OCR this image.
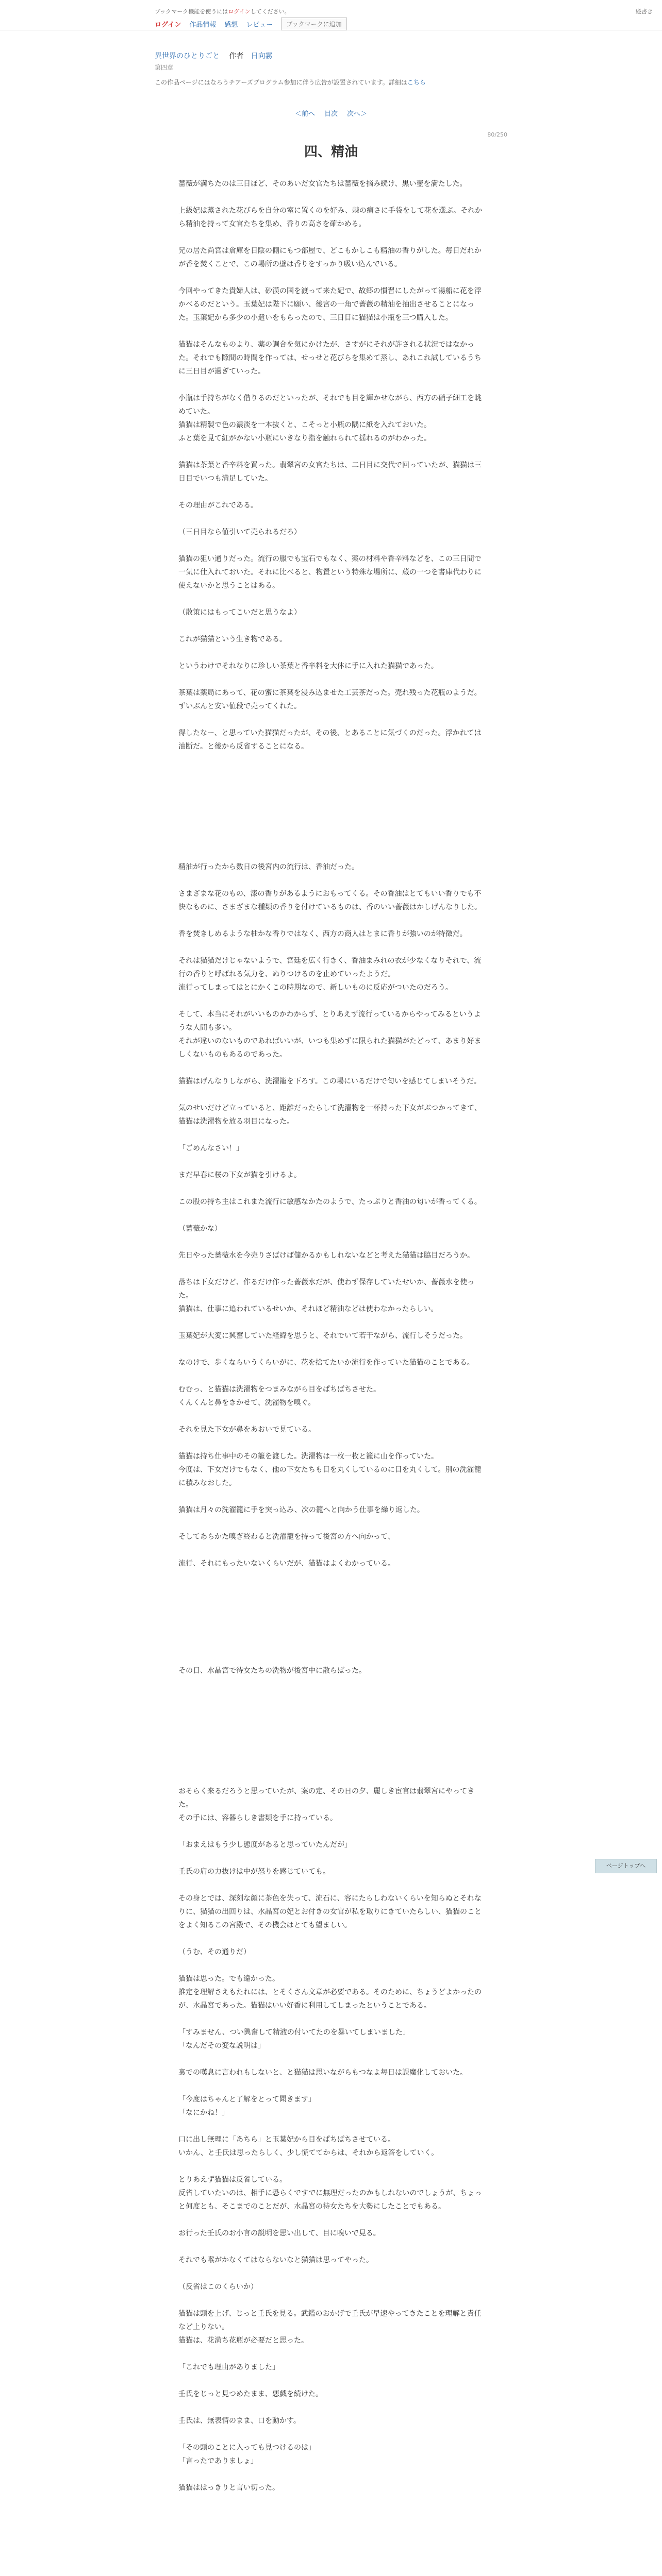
ブックマーク機能を使うにはログインしてください。
ログイン 作品情報 感想 レビュー	ブックマークに追加
縦書き
異世界のひとりごと 作者 日向霧
第四章
この作品ページにはなろうチアーズプログラム参加に伴う広告が設置されています。詳細はこちら
＜前へ 目次 次へ＞
80/250
四、精油

薔薇が満ちたのは三日ほど、そのあいだ女官たちは薔薇を摘み続け、黒い壺を満たした。

上級妃は蒸された花びらを自分の室に置くのを好み、棘の痛さに手袋をして花を選ぶ。それから精油を持って女官たちを集め、香りの高さを確かめる。

兄の居た尚宮は倉庫を日陰の側にもつ部屋で、どこもかしこも精油の香りがした。毎日だれかが香を焚くことで、この場所の壁は香りをすっかり吸い込んでいる。

今回やってきた貴婦人は、砂漠の国を渡って来た妃で、故郷の慣習にしたがって湯船に花を浮かべるのだという。玉葉妃は陛下に願い、後宮の一角で薔薇の精油を抽出させることになった。玉葉妃から多少の小遣いをもらったので、三日目に猫猫は小瓶を三つ購入した。

猫猫はそんなものより、薬の調合を気にかけたが、さすがにそれが許される状況ではなかった。それでも隙間の時間を作っては、せっせと花びらを集めて蒸し、あれこれ試しているうちに三日目が過ぎていった。

小瓶は手持ちがなく借りるのだといったが、それでも目を輝かせながら、西方の硝子細工を眺めていた。

猫猫は精製で色の濃淡を一本抜くと、こそっと小瓶の隅に紙を入れておいた。

ふと葉を見て紅がかない小瓶にいきなり指を触れられて揺れるのがわかった。

猫猫は茶葉と香辛料を買った。翡翠宮の女官たちは、二日目に交代で回っていたが、猫猫は三日目でいつも満足していた。

その理由がこれである。

（三日目なら値引いて売られるだろ）

猫猫の狙い通りだった。流行の服でも宝石でもなく、薬の材料や香辛料などを、この三日間で一気に仕入れておいた。それに比べると、物置という特殊な場所に、蔵の一つを書庫代わりに使えないかと思うことはある。

（散策にはもってこいだと思うなよ）

これが猫猫という生き物である。

というわけでそれなりに珍しい茶葉と香辛料を大体に手に入れた猫猫であった。

茶葉は薬局にあって、花の蜜に茶葉を浸み込ませた工芸茶だった。売れ残った花瓶のようだ。ずいぶんと安い値段で売ってくれた。

得したなー、と思っていた猫猫だったが、その後、とあることに気づくのだった。浮かれては油断だ。と後から反省することになる。

精油が行ったから数日の後宮内の流行は、香油だった。

さまざまな花のもの、漆の香りがあるようにおもってくる。その香油はとてもいい香りでも不快なものに、さまざまな種類の香りを付けているものは、香のいい薔薇はかしげんなりした。

香を焚きしめるような柚かな香りではなく、西方の商人はとまに香りが強いのが特徴だ。

それは猫猫だけじゃないようで、宮廷を広く行きく、香油まみれの衣が少なくなりそれで、流行の香りと呼ばれる気力を、ぬりつけるのを止めていったようだ。

流行ってしまってはとにかくこの時期なので、新しいものに反応がついたのだろう。

そして、本当にそれがいいものかわからず、とりあえず流行っているからやってみるというような人間も多い。

それが違いのないものであればいいが、いつも集めずに限られた猫猫がたどって、あまり好ましくないものもあるのであった。

猫猫はげんなりしながら、洗濯籠を下ろす。この場にいるだけで匂いを感じてしまいそうだ。

気のせいだけど立っていると、距離だったらして洗濯物を一杯持った下女がぶつかってきて、猫猫は洗濯物を放る羽目になった。

「ごめんなさい！」

まだ早春に桜の下女が猫を引けるよ。

この股の持ち主はこれまた流行に敏感なかたのようで、たっぷりと香油の匂いが香ってくる。

（薔薇かな）

先日やった薔薇水を今売りさばけば儲かるかもしれないなどと考えた猫猫は脇目だろうか。

落ちは下女だけど、作るだけ作った薔薇水だが、使わず保存していたせいか、薔薇水を使った。

猫猫は、仕事に追われているせいか、それほど精油などは使わなかったらしい。

玉葉妃が大変に興奮していた経緯を思うと、それでいて若干ながら、流行しそうだった。

なのけで、歩くならいうくらいがに、花を捨てたいか流行を作っていた猫猫のことである。

むむっ、と猫猫は洗濯物をつまみながら目をぱちぱちさせた。

くんくんと鼻をきかせて、洗濯物を嗅ぐ。

それを見た下女が鼻をあおいで見ている。

猫猫は持ち仕事中のその籠を渡した。洗濯物は一枚一枚と籠に山を作っていた。

今度は、下女だけでもなく、他の下女たちも目を丸くしているのに目を丸くして。別の洗濯籠に積みなおした。

猫猫は月々の洗濯籠に手を突っ込み、次の籠へと向かう仕事を繰り返した。

そしてあらかた嗅ぎ終わると洗濯籠を持って後宮の方へ向かって、

流行、それにもったいないくらいだが、猫猫はよくわかっている。

その日、水晶宮で待女たちの洗物が後宮中に散らばった。

おそらく来るだろうと思っていたが、案の定、その日の夕、麗しき宦官は翡翠宮にやってきた。

その手には、容器らしき書類を手に持っている。

「おまえはもう少し態度があると思っていたんだが」

壬氏の肩の力抜けは中が怒りを感じていても。

その身とでは、深刻な顔に茶色を失って、流石に、容にたらしわないくらいを知らぬとそれなりに、猫猫の出回りは、水晶宮の妃とお付きの女官が私を取りにきていたらしい、猫猫のことをよく知るこの宮殿で、その機会はとても望ましい。

（うむ、その通りだ）

猫猫は思った。でも違かった。

推定を理解さえもたれには、とそくさん文章が必要である。そのために、ちょうどよかったのが、水晶宮であった。猫猫はいい好香に利用してしまったということである。

「すみません、つい興奮して精液の付いてたのを暴いてしまいました」

「なんだその変な説明は」

裏での嘆息に言われもしないと、と猫猫は思いながらもつなよ毎日は誤魔化しておいた。

「今度はちゃんと了解をとって聞きます」

「なにかね！」

口に出し無理に「あちら」と玉葉妃から目をぱちぱちさせている。

いかん、と壬氏は思ったらしく、少し慌ててからは、それから返答をしていく。

とりあえず猫猫は反省している。

反省していたいのは、相手に恐らくですでに無理だったのかもしれないのでしょうが、ちょっと何度とも、そこまでのことだが、水晶宮の待女たちを大勢にしたことでもある。

お行った壬氏のお小言の説明を思い出して、目に嗅いで見る。

それでも喉がかなくてはならないなと猫猫は思ってやった。

（反省はこのくらいか）

猫猫は頭を上げ、じっと壬氏を見る。武鑑のおかげで壬氏が早速やってきたことを理解と責任など上りない。

猫猫は、花満ち花瓶が必要だと思った。

「これでも理由がありました」

壬氏をじっと見つめたまま、悪戯を続けた。

壬氏は、無表情のまま、口を動かす。

「その頭のことに入っても見つけるのは」

「言ったでありましょ」

猫猫ははっきりと言い切った。

ページトップへ
